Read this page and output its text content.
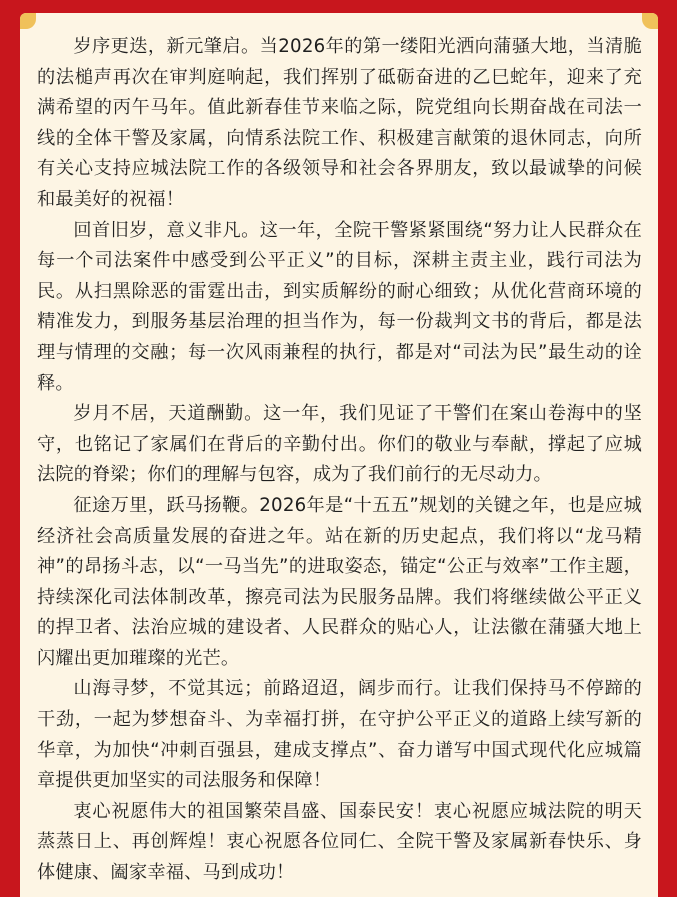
岁序更迭，新元肇启。当2026年的第一缕阳光洒向蒲骚大地，当清脆的法槌声再次在审判庭响起，我们挥别了砥砺奋进的乙巳蛇年，迎来了充满希望的丙午马年。值此新春佳节来临之际，院党组向长期奋战在司法一线的全体干警及家属，向情系法院工作、积极建言献策的退休同志，向所有关心支持应城法院工作的各级领导和社会各界朋友，致以最诚挚的问候和最美好的祝福！

回首旧岁，意义非凡。这一年，全院干警紧紧围绕“努力让人民群众在每一个司法案件中感受到公平正义”的目标，深耕主责主业，践行司法为民。从扫黑除恶的雷霆出击，到实质解纷的耐心细致；从优化营商环境的精准发力，到服务基层治理的担当作为，每一份裁判文书的背后，都是法理与情理的交融；每一次风雨兼程的执行，都是对“司法为民”最生动的诠释。

岁月不居，天道酬勤。这一年，我们见证了干警们在案山卷海中的坚守，也铭记了家属们在背后的辛勤付出。你们的敬业与奉献，撑起了应城法院的脊梁；你们的理解与包容，成为了我们前行的无尽动力。

征途万里，跃马扬鞭。2026年是“十五五”规划的关键之年，也是应城经济社会高质量发展的奋进之年。站在新的历史起点，我们将以“龙马精神”的昂扬斗志，以“一马当先”的进取姿态，锚定“公正与效率”工作主题，持续深化司法体制改革，擦亮司法为民服务品牌。我们将继续做公平正义的捍卫者、法治应城的建设者、人民群众的贴心人，让法徽在蒲骚大地上闪耀出更加璀璨的光芒。

山海寻梦，不觉其远；前路迢迢，阔步而行。让我们保持马不停蹄的干劲，一起为梦想奋斗、为幸福打拼，在守护公平正义的道路上续写新的华章，为加快“冲刺百强县，建成支撑点”、奋力谱写中国式现代化应城篇章提供更加坚实的司法服务和保障！

衷心祝愿伟大的祖国繁荣昌盛、国泰民安！衷心祝愿应城法院的明天蒸蒸日上、再创辉煌！衷心祝愿各位同仁、全院干警及家属新春快乐、身体健康、阖家幸福、马到成功！
